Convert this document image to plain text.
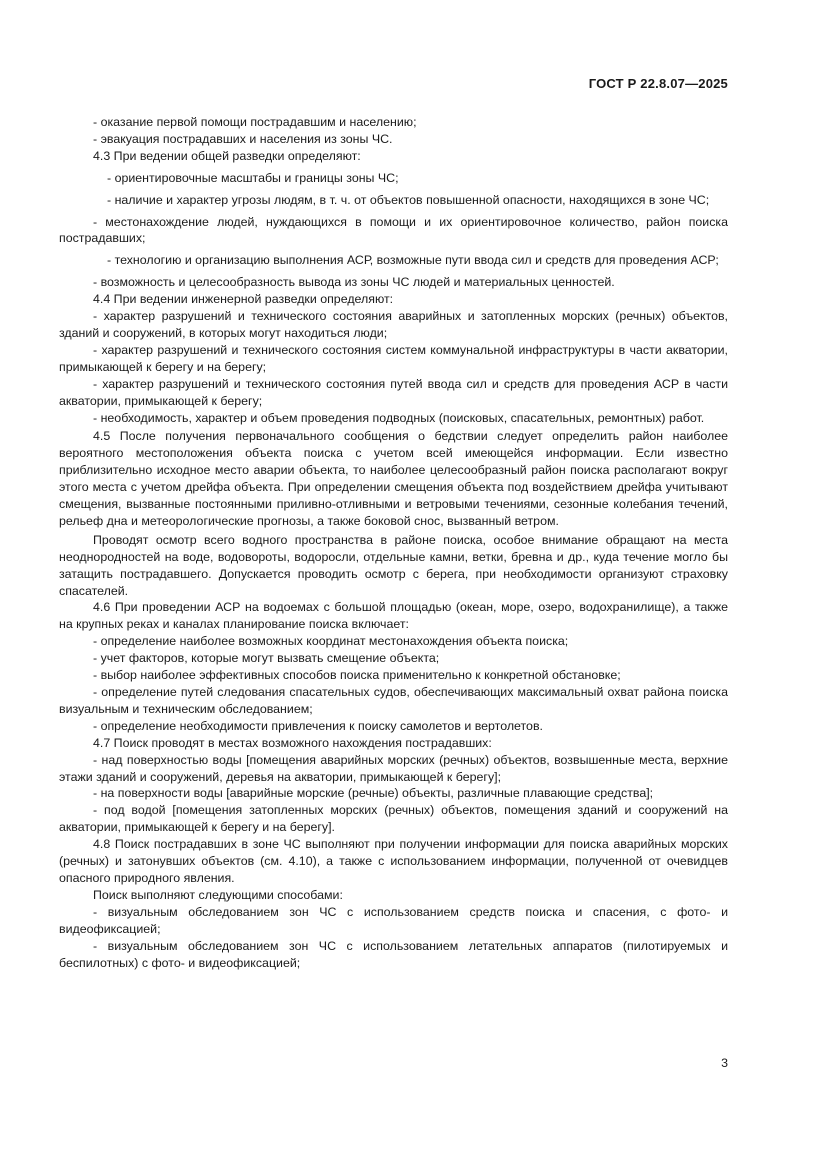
ГОСТ Р 22.8.07—2025

- оказание первой помощи пострадавшим и населению;

- эвакуация пострадавших и населения из зоны ЧС.

4.3 При ведении общей разведки определяют:

- ориентировочные масштабы и границы зоны ЧС;

- наличие и характер угрозы людям, в т. ч. от объектов повышенной опасности, находящихся в зоне ЧС;

- местонахождение людей, нуждающихся в помощи и их ориентировочное количество, район поиска пострадавших;

- технологию и организацию выполнения АСР, возможные пути ввода сил и средств для проведения АСР;

- возможность и целесообразность вывода из зоны ЧС людей и материальных ценностей.

4.4 При ведении инженерной разведки определяют:

- характер разрушений и технического состояния аварийных и затопленных морских (речных) объектов, зданий и сооружений, в которых могут находиться люди;

- характер разрушений и технического состояния систем коммунальной инфраструктуры в части акватории, примыкающей к берегу и на берегу;

- характер разрушений и технического состояния путей ввода сил и средств для проведения АСР в части акватории, примыкающей к берегу;

- необходимость, характер и объем проведения подводных (поисковых, спасательных, ремонтных) работ.

4.5 После получения первоначального сообщения о бедствии следует определить район наиболее вероятного местоположения объекта поиска с учетом всей имеющейся информации. Если известно приблизительно исходное место аварии объекта, то наиболее целесообразный район поиска располагают вокруг этого места с учетом дрейфа объекта. При определении смещения объекта под воздействием дрейфа учитывают смещения, вызванные постоянными приливно-отливными и ветровыми течениями, сезонные колебания течений, рельеф дна и метеорологические прогнозы, а также боковой снос, вызванный ветром.

Проводят осмотр всего водного пространства в районе поиска, особое внимание обращают на места неоднородностей на воде, водовороты, водоросли, отдельные камни, ветки, бревна и др., куда течение могло бы затащить пострадавшего. Допускается проводить осмотр с берега, при необходимости организуют страховку спасателей.

4.6 При проведении АСР на водоемах с большой площадью (океан, море, озеро, водохранилище), а также на крупных реках и каналах планирование поиска включает:

- определение наиболее возможных координат местонахождения объекта поиска;

- учет факторов, которые могут вызвать смещение объекта;

- выбор наиболее эффективных способов поиска применительно к конкретной обстановке;

- определение путей следования спасательных судов, обеспечивающих максимальный охват района поиска визуальным и техническим обследованием;

- определение необходимости привлечения к поиску самолетов и вертолетов.

4.7 Поиск проводят в местах возможного нахождения пострадавших:

- над поверхностью воды [помещения аварийных морских (речных) объектов, возвышенные места, верхние этажи зданий и сооружений, деревья на акватории, примыкающей к берегу];

- на поверхности воды [аварийные морские (речные) объекты, различные плавающие средства];

- под водой [помещения затопленных морских (речных) объектов, помещения зданий и сооружений на акватории, примыкающей к берегу и на берегу].

4.8 Поиск пострадавших в зоне ЧС выполняют при получении информации для поиска аварийных морских (речных) и затонувших объектов (см. 4.10), а также с использованием информации, полученной от очевидцев опасного природного явления.

Поиск выполняют следующими способами:

- визуальным обследованием зон ЧС с использованием средств поиска и спасения, с фото- и видеофиксацией;

- визуальным обследованием зон ЧС с использованием летательных аппаратов (пилотируемых и беспилотных) с фото- и видеофиксацией;

3
